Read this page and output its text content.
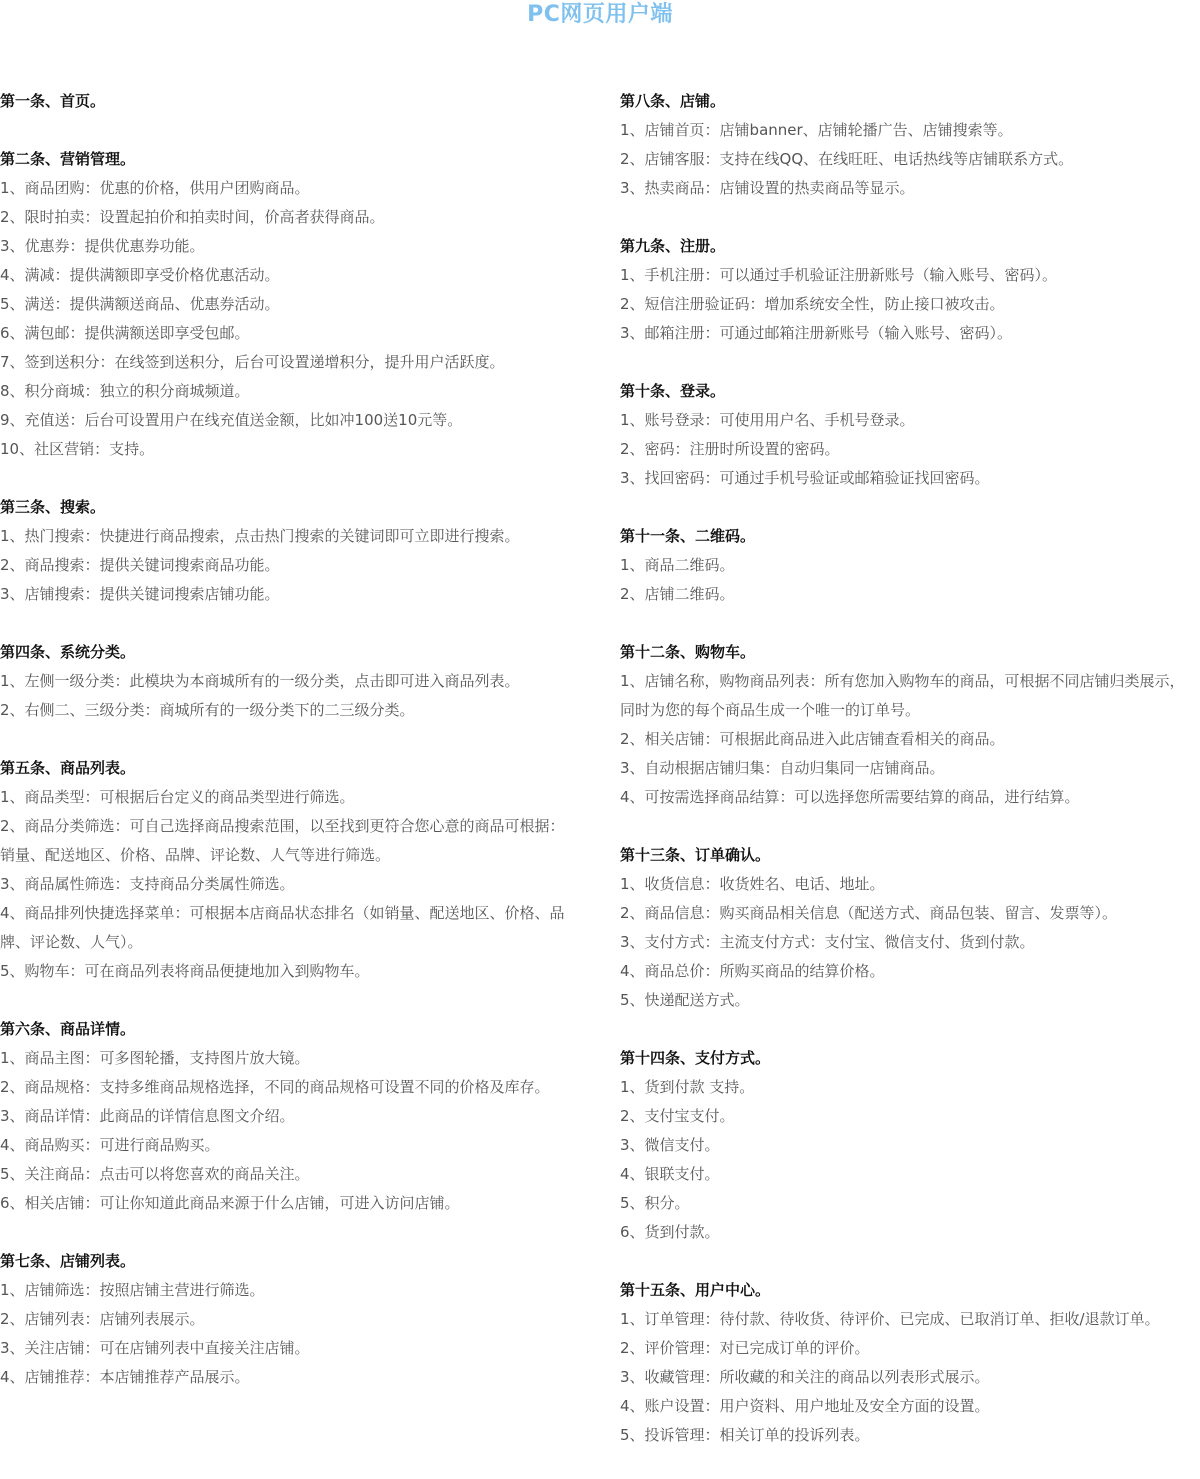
PC网页用户端
第一条、首页。
第二条、营销管理。
1、商品团购：优惠的价格，供用户团购商品。
2、限时拍卖：设置起拍价和拍卖时间，价高者获得商品。
3、优惠券：提供优惠券功能。
4、满减：提供满额即享受价格优惠活动。
5、满送：提供满额送商品、优惠券活动。
6、满包邮：提供满额送即享受包邮。
7、签到送积分：在线签到送积分，后台可设置递增积分，提升用户活跃度。
8、积分商城：独立的积分商城频道。
9、充值送：后台可设置用户在线充值送金额，比如冲100送10元等。
10、社区营销：支持。
第三条、搜索。
1、热门搜索：快捷进行商品搜索，点击热门搜索的关键词即可立即进行搜索。
2、商品搜索：提供关键词搜索商品功能。
3、店铺搜索：提供关键词搜索店铺功能。
第四条、系统分类。
1、左侧一级分类：此模块为本商城所有的一级分类，点击即可进入商品列表。
2、右侧二、三级分类：商城所有的一级分类下的二三级分类。
第五条、商品列表。
1、商品类型：可根据后台定义的商品类型进行筛选。
2、商品分类筛选：可自己选择商品搜索范围，以至找到更符合您心意的商品可根据：销量、配送地区、价格、品牌、评论数、人气等进行筛选。
3、商品属性筛选：支持商品分类属性筛选。
4、商品排列快捷选择菜单：可根据本店商品状态排名（如销量、配送地区、价格、品牌、评论数、人气）。
5、购物车：可在商品列表将商品便捷地加入到购物车。
第六条、商品详情。
1、商品主图：可多图轮播，支持图片放大镜。
2、商品规格：支持多维商品规格选择，不同的商品规格可设置不同的价格及库存。
3、商品详情：此商品的详情信息图文介绍。
4、商品购买：可进行商品购买。
5、关注商品：点击可以将您喜欢的商品关注。
6、相关店铺：可让你知道此商品来源于什么店铺，可进入访问店铺。
第七条、店铺列表。
1、店铺筛选：按照店铺主营进行筛选。
2、店铺列表：店铺列表展示。
3、关注店铺：可在店铺列表中直接关注店铺。
4、店铺推荐：本店铺推荐产品展示。
第八条、店铺。
1、店铺首页：店铺banner、店铺轮播广告、店铺搜索等。
2、店铺客服：支持在线QQ、在线旺旺、电话热线等店铺联系方式。
3、热卖商品：店铺设置的热卖商品等显示。
第九条、注册。
1、手机注册：可以通过手机验证注册新账号（输入账号、密码）。
2、短信注册验证码：增加系统安全性，防止接口被攻击。
3、邮箱注册：可通过邮箱注册新账号（输入账号、密码）。
第十条、登录。
1、账号登录：可使用用户名、手机号登录。
2、密码：注册时所设置的密码。
3、找回密码：可通过手机号验证或邮箱验证找回密码。
第十一条、二维码。
1、商品二维码。
2、店铺二维码。
第十二条、购物车。
1、店铺名称，购物商品列表：所有您加入购物车的商品，可根据不同店铺归类展示，同时为您的每个商品生成一个唯一的订单号。
2、相关店铺：可根据此商品进入此店铺查看相关的商品。
3、自动根据店铺归集：自动归集同一店铺商品。
4、可按需选择商品结算：可以选择您所需要结算的商品，进行结算。
第十三条、订单确认。
1、收货信息：收货姓名、电话、地址。
2、商品信息：购买商品相关信息（配送方式、商品包装、留言、发票等）。
3、支付方式：主流支付方式：支付宝、微信支付、货到付款。
4、商品总价：所购买商品的结算价格。
5、快递配送方式。
第十四条、支付方式。
1、货到付款 支持。
2、支付宝支付。
3、微信支付。
4、银联支付。
5、积分。
6、货到付款。
第十五条、用户中心。
1、订单管理：待付款、待收货、待评价、已完成、已取消订单、拒收/退款订单。
2、评价管理：对已完成订单的评价。
3、收藏管理：所收藏的和关注的商品以列表形式展示。
4、账户设置：用户资料、用户地址及安全方面的设置。
5、投诉管理：相关订单的投诉列表。
